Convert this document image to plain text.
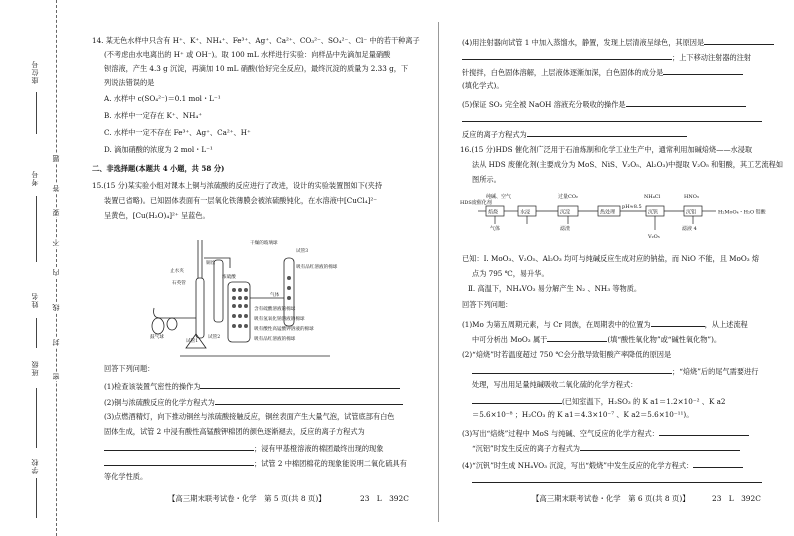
座位号
考号
姓名
班级
学校
密
封
线
内
不
要
答
题
14. 某无色水样中只含有 H⁺、K⁺、NH₄⁺、Fe³⁺、Ag⁺、Ca²⁺、CO₃²⁻、SO₄²⁻、Cl⁻ 中的若干种离子
(不考虑由水电离出的 H⁺ 或 OH⁻)。取 100 mL 水样进行实验：向样品中先滴加足量硝酸
钡溶液，产生 4.3 g 沉淀，再滴加 10 mL 硝酸(恰好完全反应)，最终沉淀的质量为 2.33 g，下
列说法错误的是
A. 水样中 c(SO₄²⁻)＝0.1 mol・L⁻¹
B. 水样中一定存在 K⁺、NH₄⁺
C. 水样中一定不存在 Fe³⁺、Ag⁺、Ca²⁺、H⁺
D. 滴加硝酸的浓度为 2 mol・L⁻¹
二、非选择题(本题共 4 小题，共 58 分)
15.(15 分)某实验小组对课本上铜与浓硫酸的反应进行了改进，设计的实验装置图如下(夹持
装置已省略)。已知固体表面有一层氧化铁薄膜会被浓硫酸钝化，在水溶液中[CuCl₄]²⁻
呈黄色，[Cu(H₂O)₄]²⁺ 呈蓝色。
铜丝
止水夹
石英管
试管2
鼓气球
干燥的玻璃球
吸有品红溶液的棉球
浓硫酸
试管1
气体
含有硫酸溶液的棉球
吸有氢氧化钠溶液的棉球
吸有酸性高锰酸钾溶液的棉球
吸有品红溶液的棉球
试管3
回答下列问题：
(1)检查该装置气密性的操作为
(2)铜与浓硫酸反应的化学方程式为
(3)点燃酒精灯，向下推动铜丝与浓硫酸接触反应，铜丝表面产生大量气泡，试管底部有白色
固体生成，试管 2 中浸有酸性高锰酸钾棉团的颜色逐渐褪去，反应的离子方程式为
；浸有甲基橙溶液的棉团最终出现的现象
；试管 2 中棉团棉花的现象能说明二氧化硫具有
等化学性质。
【高三期末联考试卷・化学　第 5 页(共 8 页)】	23　L　392C
(4)用注射器向试管 1 中加入蒸馏水，静置，发现上层清液呈绿色，其原因是
；上下移动注射器的注射
针搅拌，白色固体溶解，上层液体逐渐加深，白色固体的成分是
(填化学式)。
(5)保证 SO₂ 完全被 NaOH 溶液充分吸收的操作是
反应的离子方程式为
16.(15 分)HDS 催化剂广泛用于石油炼制和化学工业生产中，通常利用加碱焙烧——水浸取
法从 HDS 废催化剂(主要成分为 MoS、NiS、V₂O₅、Al₂O₃)中提取 V₂O₅ 和钼酸，其工艺流程如
图所示。
HDS废催化剂
纯碱、空气
焙烧	水浸
气体
沉淀
过量CO₂
滤渣
热处理	沉钒
NH₄Cl
V₂O₅
沉钼
HNO₃
滤液 4
H₂MoO₄・H₂O 钼酸
pH≈8.5
已知：Ⅰ. MoO₃、V₂O₅、Al₂O₃ 均可与纯碱反应生成对应的钠盐，而 NiO 不能，且 MoO₃ 熔
点为 795 ℃，易升华。
Ⅱ. 高温下，NH₄VO₃ 易分解产生 N₂ 、NH₃ 等物质。
回答下列问题：
(1)Mo 为第五周期元素，与 Cr 同族，在周期表中的位置为	，从上述流程
中可分析出 MoO₃ 属于	(填“酸性氧化物”或“碱性氧化物”)。
(2)“焙烧”时若温度超过 750 ℃会分散导致钼酸产率降低的原因是
；“焙烧”后的尾气需要进行
处理，写出用足量纯碱吸收二氧化硫的化学方程式：
(已知室温下，H₂SO₃ 的 K a1＝1.2×10⁻² 、K a2
＝5.6×10⁻⁸ ；H₂CO₃ 的 K a1＝4.3×10⁻⁷ 、K a2＝5.6×10⁻¹¹)。
(3)写出“焙烧”过程中 MoS 与纯碱、空气反应的化学方程式：
“沉铝”时发生反应的离子方程式为
(4)“沉钒”时生成 NH₄VO₃ 沉淀，写出“煅烧”中发生反应的化学方程式：
【高三期末联考试卷・化学　第 6 页(共 8 页)】	23　L　392C
